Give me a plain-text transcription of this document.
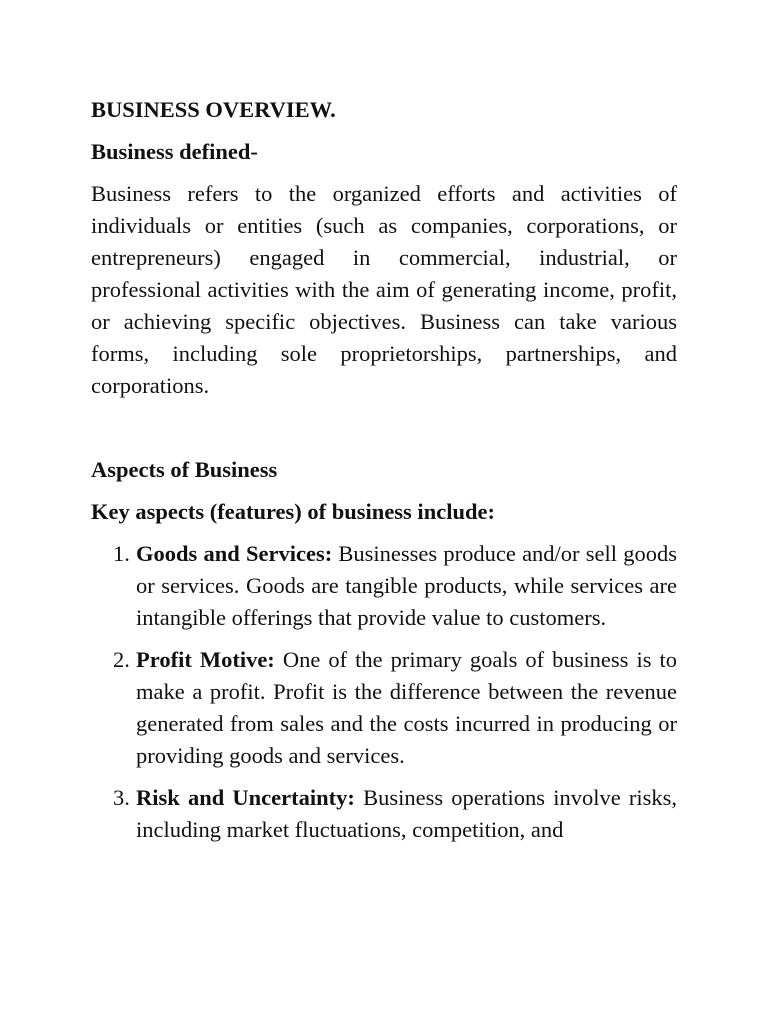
BUSINESS OVERVIEW.

Business defined-

Business refers to the organized efforts and activities of individuals or entities (such as companies, corporations, or entrepreneurs) engaged in commercial, industrial, or professional activities with the aim of generating income, profit, or achieving specific objectives. Business can take various forms, including sole proprietorships, partnerships, and corporations.

Aspects of Business

Key aspects (features) of business include:

1. Goods and Services: Businesses produce and/or sell goods or services. Goods are tangible products, while services are intangible offerings that provide value to customers.
2. Profit Motive: One of the primary goals of business is to make a profit. Profit is the difference between the revenue generated from sales and the costs incurred in producing or providing goods and services.
3. Risk and Uncertainty: Business operations involve risks, including market fluctuations, competition, and
